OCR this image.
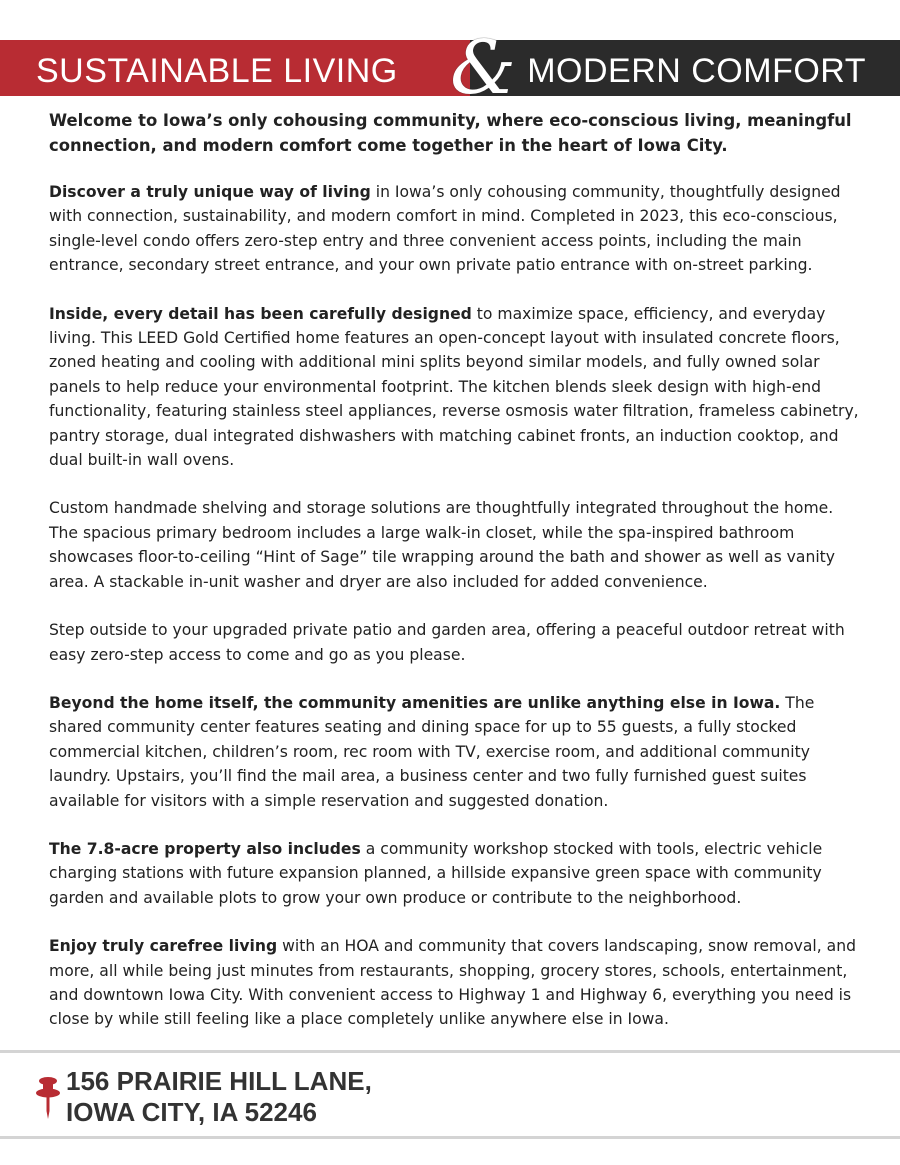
SUSTAINABLE LIVING	MODERN COMFORT
&

Welcome to Iowa’s only cohousing community, where eco-conscious living, meaningful connection, and modern comfort come together in the heart of Iowa City.

Discover a truly unique way of living in Iowa’s only cohousing community, thoughtfully designed with connection, sustainability, and modern comfort in mind. Completed in 2023, this eco-conscious, single-level condo offers zero-step entry and three convenient access points, including the main entrance, secondary street entrance, and your own private patio entrance with on-street parking.

Inside, every detail has been carefully designed to maximize space, efficiency, and everyday living. This LEED Gold Certified home features an open-concept layout with insulated concrete floors, zoned heating and cooling with additional mini splits beyond similar models, and fully owned solar panels to help reduce your environmental footprint. The kitchen blends sleek design with high-end functionality, featuring stainless steel appliances, reverse osmosis water filtration, frameless cabinetry, pantry storage, dual integrated dishwashers with matching cabinet fronts, an induction cooktop, and dual built-in wall ovens.

Custom handmade shelving and storage solutions are thoughtfully integrated throughout the home. The spacious primary bedroom includes a large walk-in closet, while the spa-inspired bathroom showcases floor-to-ceiling “Hint of Sage” tile wrapping around the bath and shower as well as vanity area. A stackable in-unit washer and dryer are also included for added convenience.

Step outside to your upgraded private patio and garden area, offering a peaceful outdoor retreat with easy zero-step access to come and go as you please.

Beyond the home itself, the community amenities are unlike anything else in Iowa. The shared community center features seating and dining space for up to 55 guests, a fully stocked commercial kitchen, children’s room, rec room with TV, exercise room, and additional community laundry. Upstairs, you’ll find the mail area, a business center and two fully furnished guest suites available for visitors with a simple reservation and suggested donation.

The 7.8-acre property also includes a community workshop stocked with tools, electric vehicle charging stations with future expansion planned, a hillside expansive green space with community garden and available plots to grow your own produce or contribute to the neighborhood.

Enjoy truly carefree living with an HOA and community that covers landscaping, snow removal, and more, all while being just minutes from restaurants, shopping, grocery stores, schools, entertainment, and downtown Iowa City. With convenient access to Highway 1 and Highway 6, everything you need is close by while still feeling like a place completely unlike anywhere else in Iowa.

156 PRAIRIE HILL LANE,
IOWA CITY, IA 52246
